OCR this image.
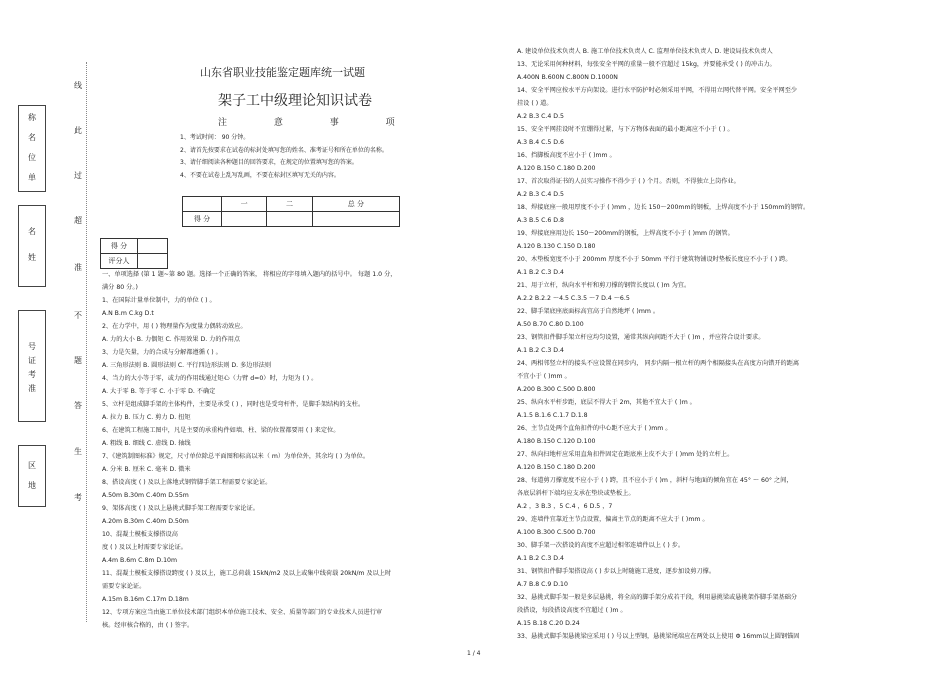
称
名
位
单
名
姓
号
证
考
准
区
地
线
此
过
超
准
不
题
答
生
考
山东省职业技能鉴定题库统一试题
架子工中级理论知识试卷
注 意 事 项
1、考试时间： 90 分钟。
2、请首先按要求在试卷的标封处填写您的姓名、准考证号和所在单位的名称。
3、请仔细阅读各种题目的回答要求，在规定的位置填写您的答案。
4、不要在试卷上乱写乱画，不要在标封区填写无关的内容。
	一	二	总 分
得 分			
得 分	
评分人	
一、单项选择 (第 1 题~第 80 题。选择一个正确的答案， 将相应的字母填入题内的括号中。 每题 1.0 分，
满分 80 分。)
1、在国际计量单位制中，力的单位 ( ) 。
A.N B.m C.kg D.t
2、在力学中，用 ( ) 物理量作为度量力偶转动效应。
A. 力的大小 B. 力偶矩 C. 作用效果 D. 力的作用点
3、力是矢量，力的合成与分解都遵循 ( ) 。
A. 三角形法则 B. 圆形法则 C. 平行四边形法则 D. 多边形法则
4、当力的大小等于零，或力的作用线通过矩心（力臂 d=0）时，力矩为 ( ) 。
A. 大于零 B. 等于零 C. 小于零 D. 不确定
5、立杆是组成脚手架的主体构件，主要是承受 ( ) ，同时也是受弯杆件，是脚手架结构的支柱。
A. 拉力 B. 压力 C. 剪力 D. 扭矩
6、在建筑工程施工图中，凡是主要的承重构件如墙、柱、梁的位置都要用 ( ) 来定位。
A. 粗线 B. 细线 C. 虚线 D. 轴线
7、《建筑制图标准》规定，尺寸单位除总平面图和标高以米（ m）为单位外，其余均 ( ) 为单位。
A. 分米 B. 厘米 C. 毫米 D. 微米
8、搭设高度 ( ) 及以上落地式钢管脚手架工程需要专家论证。
A.50m B.30m C.40m D.55m
9、架体高度 ( ) 及以上悬挑式脚手架工程需要专家论证。
A.20m B.30m C.40m D.50m
10、混凝土模板支撑搭设高
度 ( ) 及以上时需要专家论证。
A.4m B.6m C.8m D.10m
11、混凝土模板支撑搭设跨度 ( ) 及以上，施工总荷载 15kN/m2 及以上或集中线荷载 20kN/m 及以上时
需要专家论证。
A.15m B.16m C.17m D.18m
12、专项方案应当由施工单位技术部门组织本单位施工技术、安全、质量等部门的专业技术人员进行审
核。经审核合格的，由 ( ) 签字。
A. 建设单位技术负责人 B. 施工单位技术负责人 C. 监理单位技术负责人 D. 建设局技术负责人
13、无论采用何种材料，每张安全平网的重量一般不宜超过 15kg，并要能承受 ( ) 的冲击力。
A.400N B.600N C.800N D.1000N
14、安全平网应按水平方向架设。进行水平防护时必须采用平网，不得用立网代替平网。安全平网至少
挂设 ( ) 道。
A.2 B.3 C.4 D.5
15、安全平网挂设时不宜绷得过紧，与下方物体表面的最小距离应不小于 ( ) 。
A.3 B.4 C.5 D.6
16、挡脚板高度不应小于 ( )mm 。
A.120 B.150 C.180 D.200
17、首次取得证书的人员实习操作不得少于 ( ) 个月。否则，不得独立上岗作业。
A.2 B.3 C.4 D.5
18、焊接底座一般用厚度不小于 ( )mm ，边长 150～200mm的钢板，上焊高度不小于 150mm的钢管。
A.3 B.5 C.6 D.8
19、焊接底座用边长 150～200mm的钢板，上焊高度不小于 ( )mm 的钢管。
A.120 B.130 C.150 D.180
20、木垫板宽度不小于 200mm 厚度不小于 50mm 平行于建筑物铺设时垫板长度应不小于 ( ) 跨。
A.1 B.2 C.3 D.4
21、用于立杆，纵向水平杆和剪刀撑的钢管长度以 ( )m 为宜。
A.2.2 B.2.2 ～4.5 C.3.5 ～7 D.4 ～6.5
22、脚手架底座底面标高宜高于自然地坪 ( )mm 。
A.50 B.70 C.80 D.100
23、钢管扣件脚手架立杆应均匀设置，通常其纵向间距不大于 ( )m ，并应符合设计要求。
A.1 B.2 C.3 D.4
24、两相邻竖立杆的接头不应设置在同步内， 同步内隔一根立杆的两个相隔接头在高度方向错开的距离
不宜小于 ( )mm 。
A.200 B.300 C.500 D.800
25、纵向水平杆步距，底层不得大于 2m，其他不宜大于 ( )m 。
A.1.5 B.1.6 C.1.7 D.1.8
26、主节点处两个直角扣件的中心距不应大于 ( )mm 。
A.180 B.150 C.120 D.100
27、纵向扫地杆应采用直角扣件固定在距底座上皮不大于 ( )mm 处的立杆上。
A.120 B.150 C.180 D.200
28、每道剪刀撑宽度不应小于 ( ) 跨，且不应小于 ( )m ，斜杆与地面的倾角宜在 45° ～ 60° 之间，
各底层斜杆下端均应支承在垫块或垫板上。
A.2 ，3 B.3 ，5 C.4 ，6 D.5 ，7
29、连墙件宜靠近主节点设置，偏离主节点的距离不应大于 ( )mm 。
A.100 B.300 C.500 D.700
30、脚手架一次搭设的高度不应超过相邻连墙件以上 ( ) 步。
A.1 B.2 C.3 D.4
31、钢管扣件脚手架搭设高 ( ) 步以上时随施工进度，逐步加设剪刀撑。
A.7 B.8 C.9 D.10
32、悬挑式脚手架一般是多层悬挑，将全高的脚手架分成若干段，利用悬挑梁或悬挑架作脚手架基础分
段搭设，每段搭设高度不宜超过 ( )m 。
A.15 B.18 C.20 D.24
33、悬挑式脚手架悬挑梁应采用 ( ) 号以上型钢，悬挑梁尾端应在两处以上使用 Φ 16mm以上圆钢锚固
1 / 4
